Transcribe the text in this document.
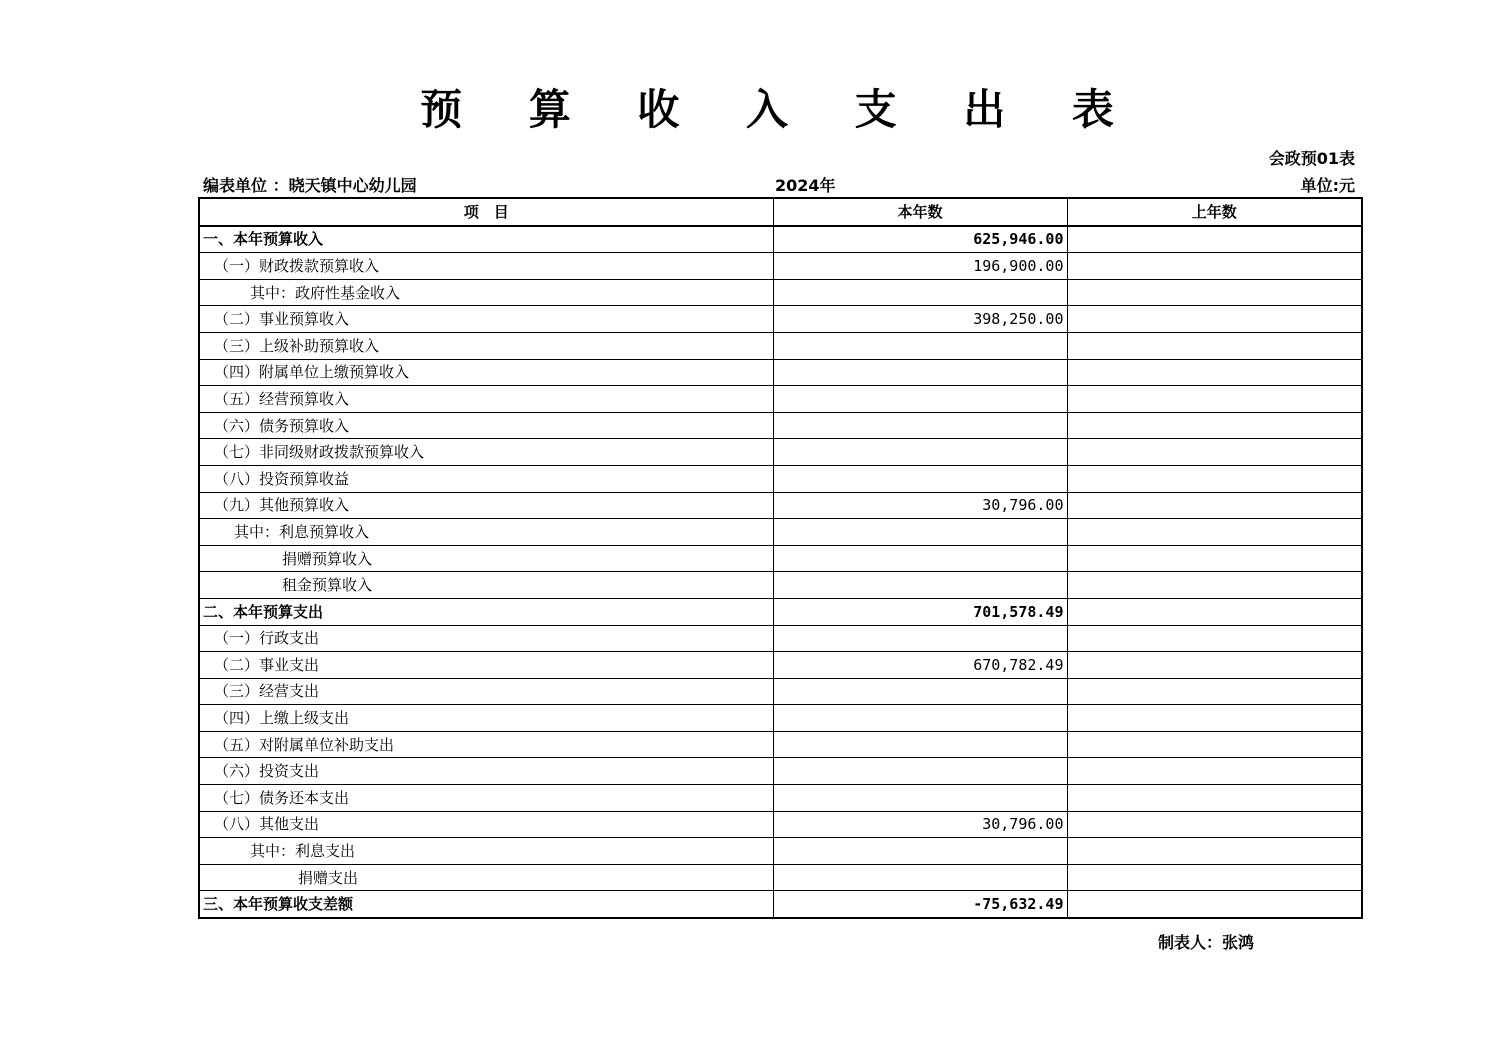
预 算 收 入 支 出 表
会政预01表
编表单位 ：晓天镇中心幼儿园	2024年	单位:元
项　目	本年数	上年数
一、本年预算收入	625,946.00	
（一）财政拨款预算收入	196,900.00	
其中：政府性基金收入		
（二）事业预算收入	398,250.00	
（三）上级补助预算收入		
（四）附属单位上缴预算收入		
（五）经营预算收入		
（六）债务预算收入		
（七）非同级财政拨款预算收入		
（八）投资预算收益		
（九）其他预算收入	30,796.00	
其中：利息预算收入		
捐赠预算收入		
租金预算收入		
二、本年预算支出	701,578.49	
（一）行政支出		
（二）事业支出	670,782.49	
（三）经营支出		
（四）上缴上级支出		
（五）对附属单位补助支出		
（六）投资支出		
（七）债务还本支出		
（八）其他支出	30,796.00	
其中：利息支出		
捐赠支出		
三、本年预算收支差额	-75,632.49	
制表人：张鸿
